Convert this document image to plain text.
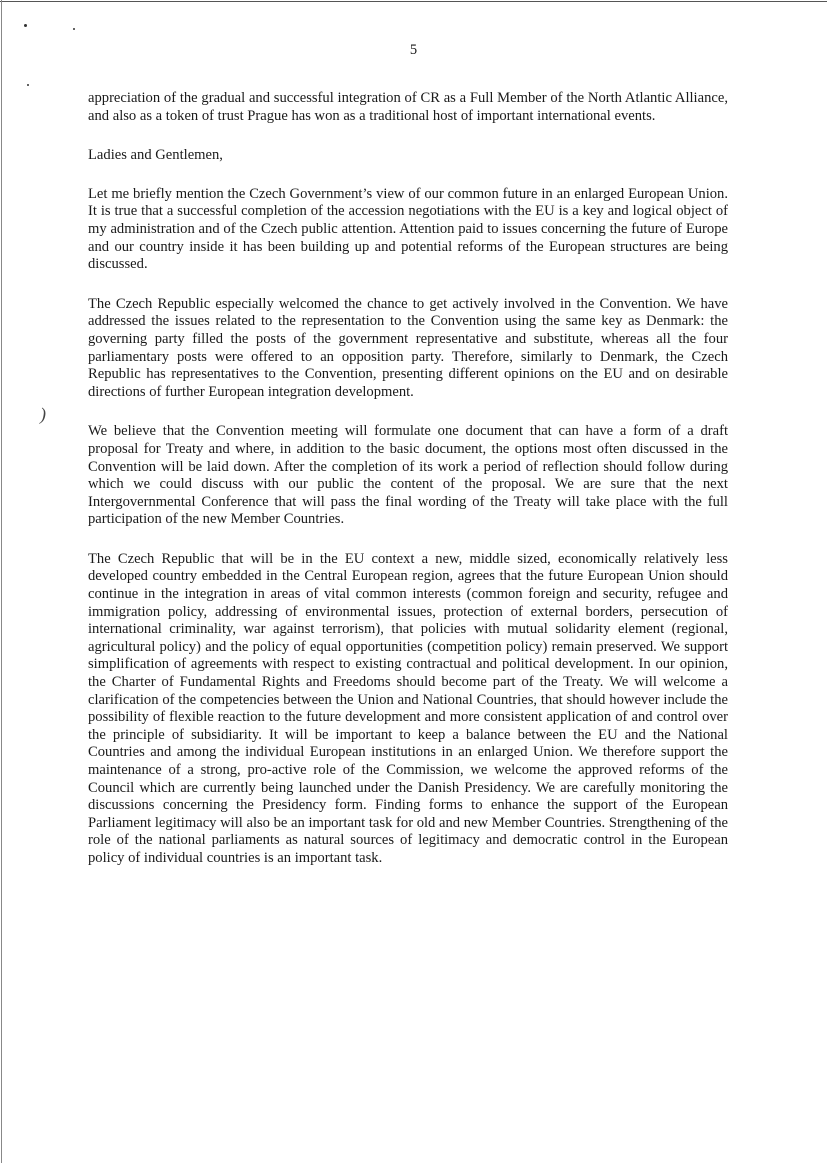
)
5

appreciation of the gradual and successful integration of CR as a Full Member of the North Atlantic Alliance, and also as a token of trust Prague has won as a traditional host of important international events.

Ladies and Gentlemen,

Let me briefly mention the Czech Government’s view of our common future in an enlarged European Union. It is true that a successful completion of the accession negotiations with the EU is a key and logical object of my administration and of the Czech public attention. Attention paid to issues concerning the future of Europe and our country inside it has been building up and potential reforms of the European structures are being discussed.

The Czech Republic especially welcomed the chance to get actively involved in the Convention. We have addressed the issues related to the representation to the Convention using the same key as Denmark: the governing party filled the posts of the government representative and substitute, whereas all the four parliamentary posts were offered to an opposition party. Therefore, similarly to Denmark, the Czech Republic has representatives to the Convention, presenting different opinions on the EU and on desirable directions of further European integration development.

We believe that the Convention meeting will formulate one document that can have a form of a draft proposal for Treaty and where, in addition to the basic document, the options most often discussed in the Convention will be laid down. After the completion of its work a period of reflection should follow during which we could discuss with our public the content of the proposal. We are sure that the next Intergovernmental Conference that will pass the final wording of the Treaty will take place with the full participation of the new Member Countries.

The Czech Republic that will be in the EU context a new, middle sized, economically relatively less developed country embedded in the Central European region, agrees that the future European Union should continue in the integration in areas of vital common interests (common foreign and security, refugee and immigration policy, addressing of environmental issues, protection of external borders, persecution of international criminality, war against terrorism), that policies with mutual solidarity element (regional, agricultural policy) and the policy of equal opportunities (competition policy) remain preserved. We support simplification of agreements with respect to existing contractual and political development. In our opinion, the Charter of Fundamental Rights and Freedoms should become part of the Treaty. We will welcome a clarification of the competencies between the Union and National Countries, that should however include the possibility of flexible reaction to the future development and more consistent application of and control over the principle of subsidiarity. It will be important to keep a balance between the EU and the National Countries and among the individual European institutions in an enlarged Union. We therefore support the maintenance of a strong, pro-active role of the Commission, we welcome the approved reforms of the Council which are currently being launched under the Danish Presidency. We are carefully monitoring the discussions concerning the Presidency form. Finding forms to enhance the support of the European Parliament legitimacy will also be an important task for old and new Member Countries. Strengthening of the role of the national parliaments as natural sources of legitimacy and democratic control in the European policy of individual countries is an important task.
